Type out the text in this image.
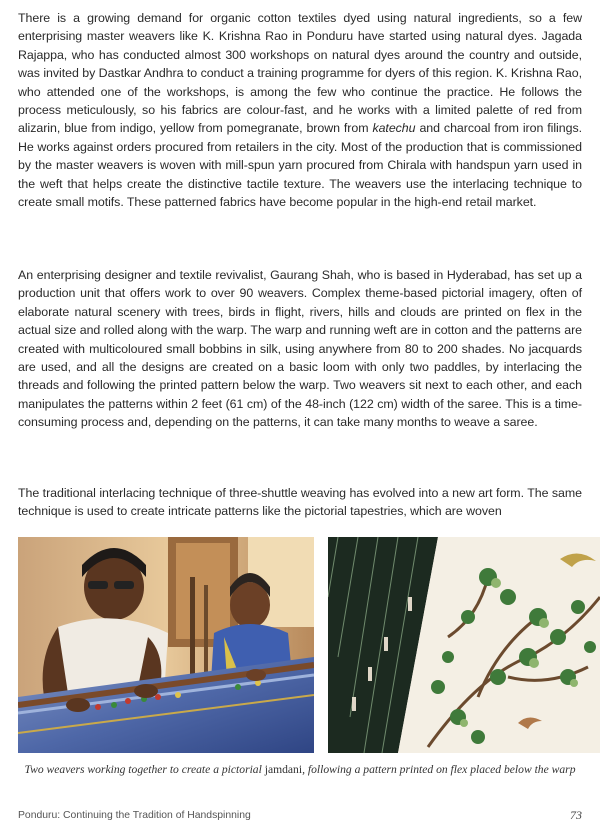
There is a growing demand for organic cotton textiles dyed using natural ingredients, so a few enterprising master weavers like K. Krishna Rao in Ponduru have started using natural dyes. Jagada Rajappa, who has conducted almost 300 workshops on natural dyes around the country and outside, was invited by Dastkar Andhra to conduct a training programme for dyers of this region. K. Krishna Rao, who attended one of the workshops, is among the few who continue the practice. He follows the process meticulously, so his fabrics are colour-fast, and he works with a limited palette of red from alizarin, blue from indigo, yellow from pomegranate, brown from katechu and charcoal from iron filings. He works against orders procured from retailers in the city. Most of the production that is commissioned by the master weavers is woven with mill-spun yarn procured from Chirala with handspun yarn used in the weft that helps create the distinctive tactile texture. The weavers use the interlacing technique to create small motifs. These patterned fabrics have become popular in the high-end retail market.

An enterprising designer and textile revivalist, Gaurang Shah, who is based in Hyderabad, has set up a production unit that offers work to over 90 weavers. Complex theme-based pictorial imagery, often of elaborate natural scenery with trees, birds in flight, rivers, hills and clouds are printed on flex in the actual size and rolled along with the warp. The warp and running weft are in cotton and the patterns are created with multicoloured small bobbins in silk, using anywhere from 80 to 200 shades. No jacquards are used, and all the designs are created on a basic loom with only two paddles, by interlacing the threads and following the printed pattern below the warp. Two weavers sit next to each other, and each manipulates the patterns within 2 feet (61 cm) of the 48-inch (122 cm) width of the saree. This is a time-consuming process and, depending on the patterns, it can take many months to weave a saree.

The traditional interlacing technique of three-shuttle weaving has evolved into a new art form. The same technique is used to create intricate patterns like the pictorial tapestries, which are woven

Two weavers working together to create a pictorial jamdani, following a pattern printed on flex placed below the warp
Ponduru: Continuing the Tradition of Handspinning	73
